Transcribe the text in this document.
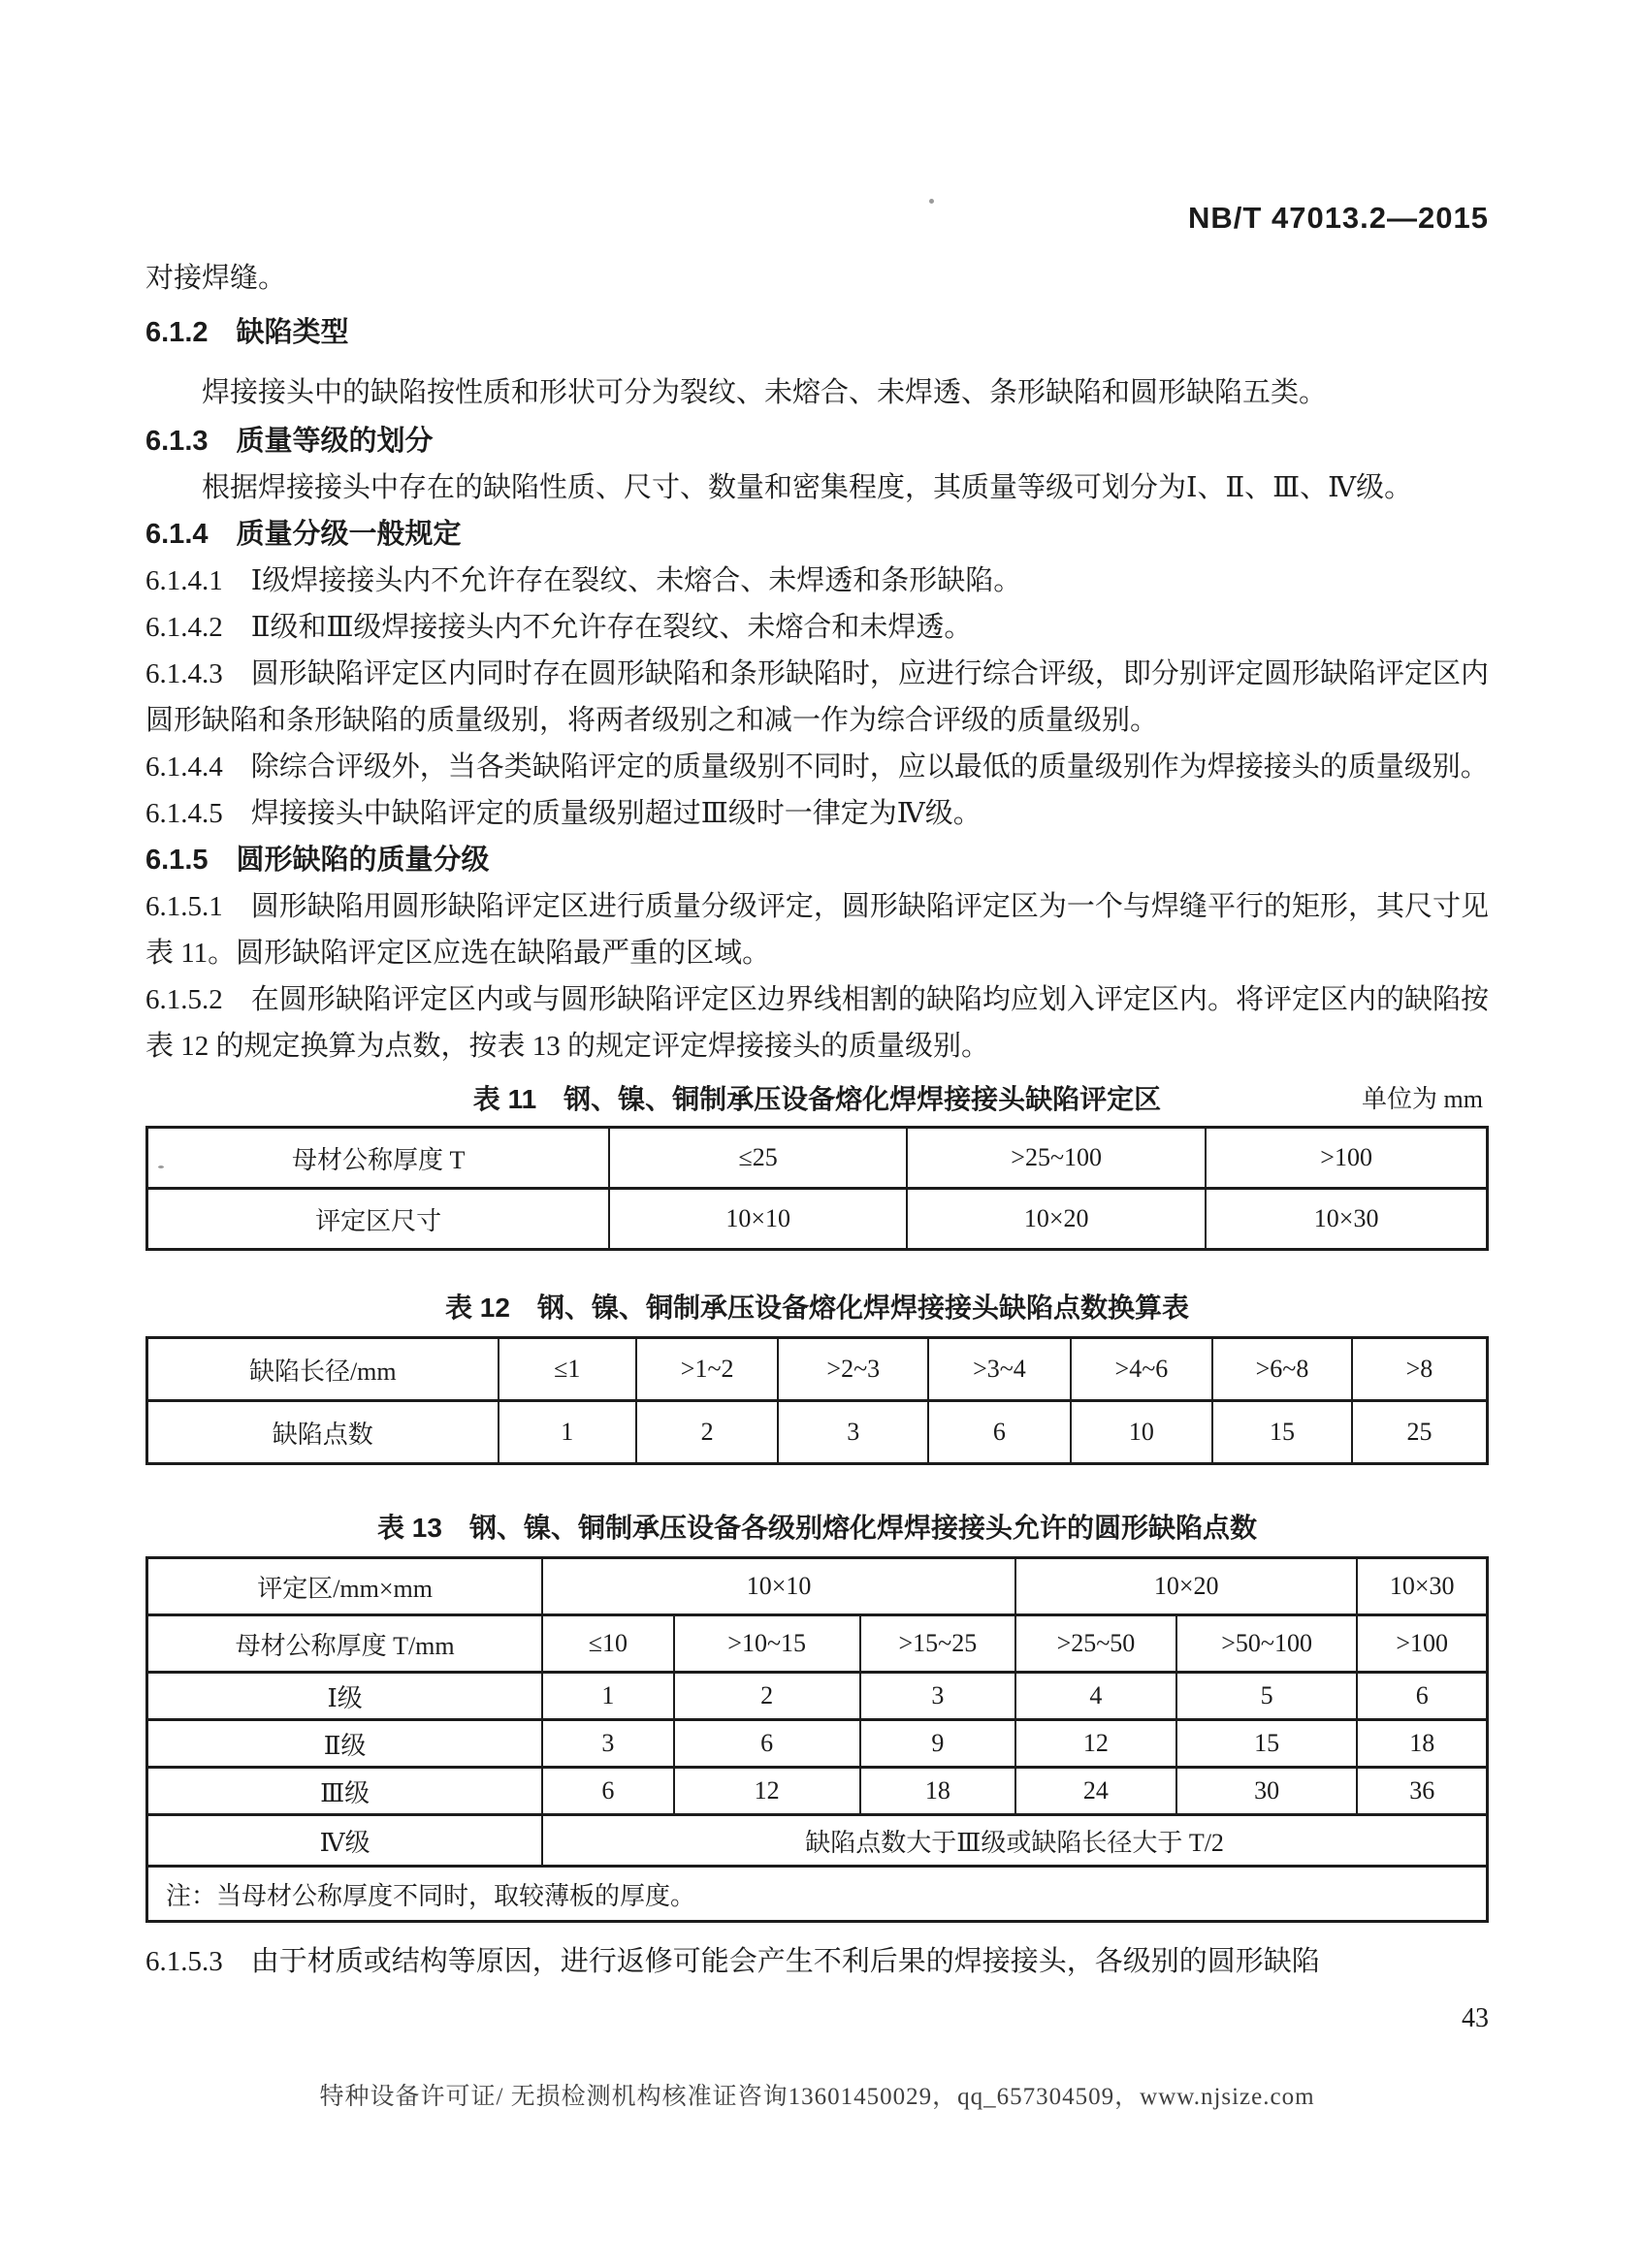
NB/T 47013.2—2015

对接焊缝。

6.1.2　缺陷类型

焊接接头中的缺陷按性质和形状可分为裂纹、未熔合、未焊透、条形缺陷和圆形缺陷五类。

6.1.3　质量等级的划分

根据焊接接头中存在的缺陷性质、尺寸、数量和密集程度，其质量等级可划分为Ⅰ、Ⅱ、Ⅲ、Ⅳ级。

6.1.4　质量分级一般规定

6.1.4.1　Ⅰ级焊接接头内不允许存在裂纹、未熔合、未焊透和条形缺陷。

6.1.4.2　Ⅱ级和Ⅲ级焊接接头内不允许存在裂纹、未熔合和未焊透。

6.1.4.3　圆形缺陷评定区内同时存在圆形缺陷和条形缺陷时，应进行综合评级，即分别评定圆形缺陷评定区内圆形缺陷和条形缺陷的质量级别，将两者级别之和减一作为综合评级的质量级别。

6.1.4.4　除综合评级外，当各类缺陷评定的质量级别不同时，应以最低的质量级别作为焊接接头的质量级别。

6.1.4.5　焊接接头中缺陷评定的质量级别超过Ⅲ级时一律定为Ⅳ级。

6.1.5　圆形缺陷的质量分级

6.1.5.1　圆形缺陷用圆形缺陷评定区进行质量分级评定，圆形缺陷评定区为一个与焊缝平行的矩形，其尺寸见表 11。圆形缺陷评定区应选在缺陷最严重的区域。

6.1.5.2　在圆形缺陷评定区内或与圆形缺陷评定区边界线相割的缺陷均应划入评定区内。将评定区内的缺陷按表 12 的规定换算为点数，按表 13 的规定评定焊接接头的质量级别。

表 11　钢、镍、铜制承压设备熔化焊焊接接头缺陷评定区	单位为 mm
母材公称厚度 T	≤25	>25~100	>100
评定区尺寸	10×10	10×20	10×30
表 12　钢、镍、铜制承压设备熔化焊焊接接头缺陷点数换算表
缺陷长径/mm	≤1	>1~2	>2~3	>3~4	>4~6	>6~8	>8
缺陷点数	1	2	3	6	10	15	25
表 13　钢、镍、铜制承压设备各级别熔化焊焊接接头允许的圆形缺陷点数
评定区/mm×mm	10×10			10×20		10×30
母材公称厚度 T/mm	≤10	>10~15	>15~25	>25~50	>50~100	>100
Ⅰ级	1	2	3	4	5	6
Ⅱ级	3	6	9	12	15	18
Ⅲ级	6	12	18	24	30	36
Ⅳ级	缺陷点数大于Ⅲ级或缺陷长径大于 T/2					
注：当母材公称厚度不同时，取较薄板的厚度。						

6.1.5.3　由于材质或结构等原因，进行返修可能会产生不利后果的焊接接头，各级别的圆形缺陷

43
特种设备许可证/ 无损检测机构核准证咨询13601450029，qq_657304509，www.njsize.com
